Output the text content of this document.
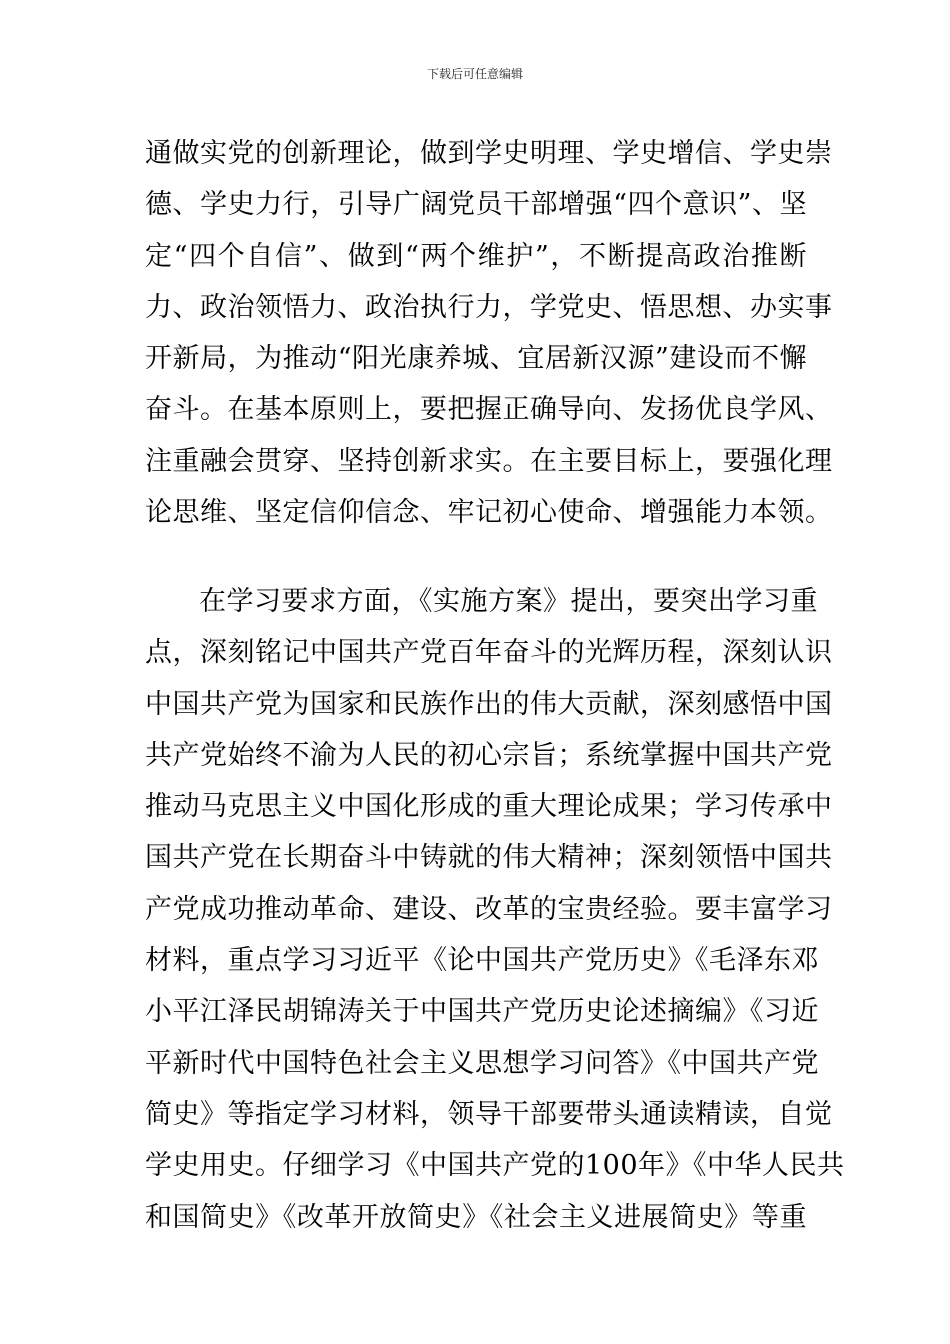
下载后可任意编辑
通做实党的创新理论，做到学史明理、学史增信、学史崇
德、学史力行，引导广阔党员干部增强“四个意识”、坚
定“四个自信”、做到“两个维护”，不断提高政治推断
力、政治领悟力、政治执行力，学党史、悟思想、办实事
开新局，为推动“阳光康养城、宜居新汉源”建设而不懈
奋斗。在基本原则上，要把握正确导向、发扬优良学风、
注重融会贯穿、坚持创新求实。在主要目标上，要强化理
论思维、坚定信仰信念、牢记初心使命、增强能力本领。
在学习要求方面，《实施方案》提出，要突出学习重
点，深刻铭记中国共产党百年奋斗的光辉历程，深刻认识
中国共产党为国家和民族作出的伟大贡献，深刻感悟中国
共产党始终不渝为人民的初心宗旨；系统掌握中国共产党
推动马克思主义中国化形成的重大理论成果；学习传承中
国共产党在长期奋斗中铸就的伟大精神；深刻领悟中国共
产党成功推动革命、建设、改革的宝贵经验。要丰富学习
材料，重点学习习近平《论中国共产党历史》《毛泽东邓
小平江泽民胡锦涛关于中国共产党历史论述摘编》《习近
平新时代中国特色社会主义思想学习问答》《中国共产党
简史》等指定学习材料，领导干部要带头通读精读，自觉
学史用史。仔细学习《中国共产党的100年》《中华人民共
和国简史》《改革开放简史》《社会主义进展简史》等重
